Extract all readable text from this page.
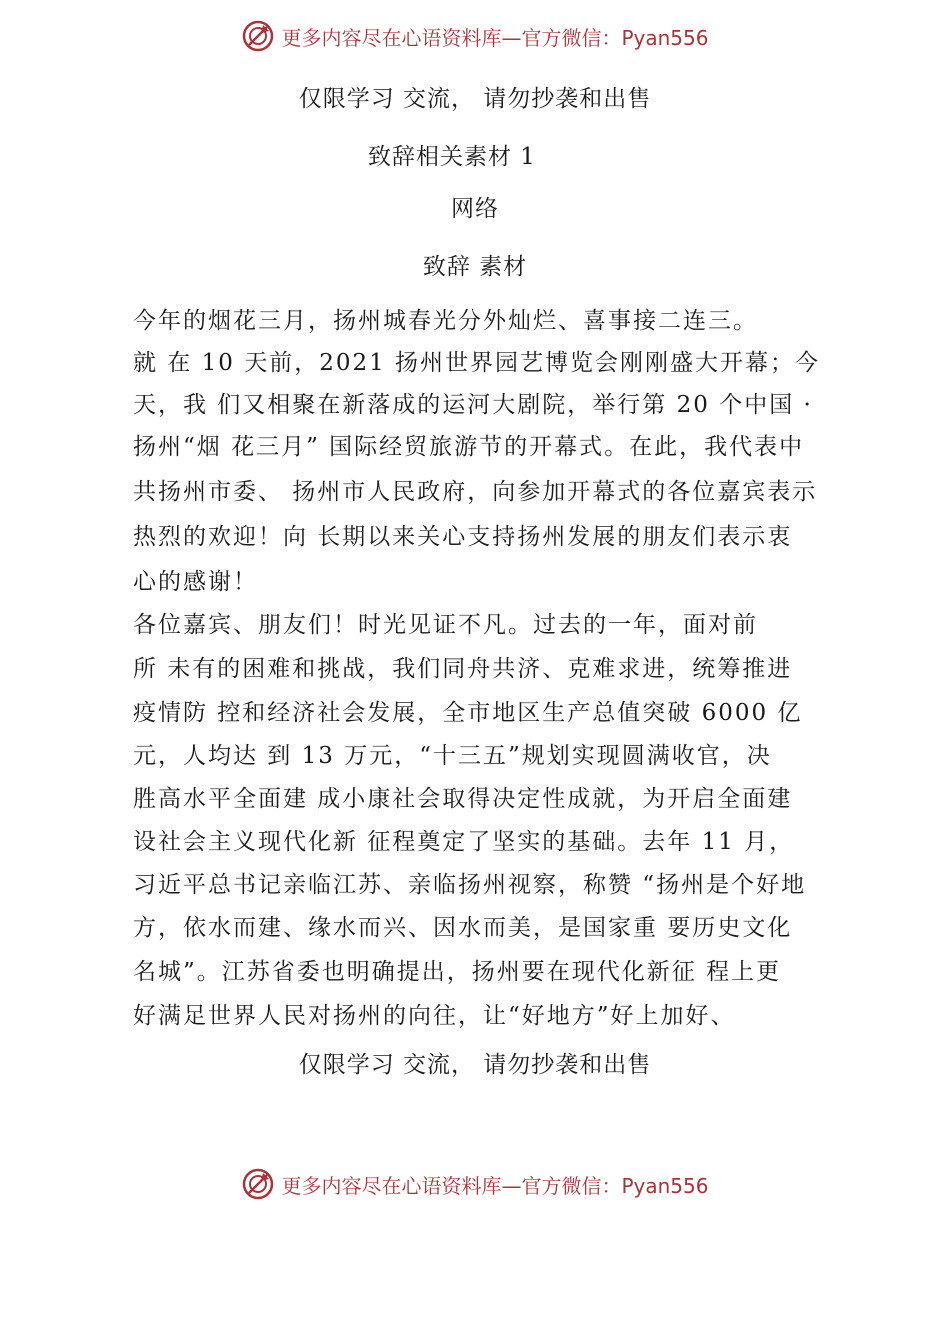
更多内容尽在心语资料库—官方微信：Pyan556
仅限学习 交流， 请勿抄袭和出售
致辞相关素材 1
网络
致辞 素材
今年的烟花三月，扬州城春光分外灿烂、喜事接二连三。
就 在 10 天前，2021 扬州世界园艺博览会刚刚盛大开幕；今
天，我 们又相聚在新落成的运河大剧院，举行第 20 个中国 ·
扬州“烟 花三月” 国际经贸旅游节的开幕式。在此，我代表中
共扬州市委、 扬州市人民政府，向参加开幕式的各位嘉宾表示
热烈的欢迎！向 长期以来关心支持扬州发展的朋友们表示衷
心的感谢！
各位嘉宾、朋友们！时光见证不凡。过去的一年，面对前
所 未有的困难和挑战，我们同舟共济、克难求进，统筹推进
疫情防 控和经济社会发展，全市地区生产总值突破 6000 亿
元，人均达 到 13 万元，“十三五”规划实现圆满收官，决
胜高水平全面建 成小康社会取得决定性成就，为开启全面建
设社会主义现代化新 征程奠定了坚实的基础。去年 11 月，
习近平总书记亲临江苏、亲临扬州视察，称赞 “扬州是个好地
方，依水而建、缘水而兴、因水而美，是国家重 要历史文化
名城”。江苏省委也明确提出，扬州要在现代化新征 程上更
好满足世界人民对扬州的向往，让“好地方”好上加好、
仅限学习 交流， 请勿抄袭和出售
更多内容尽在心语资料库—官方微信：Pyan556
